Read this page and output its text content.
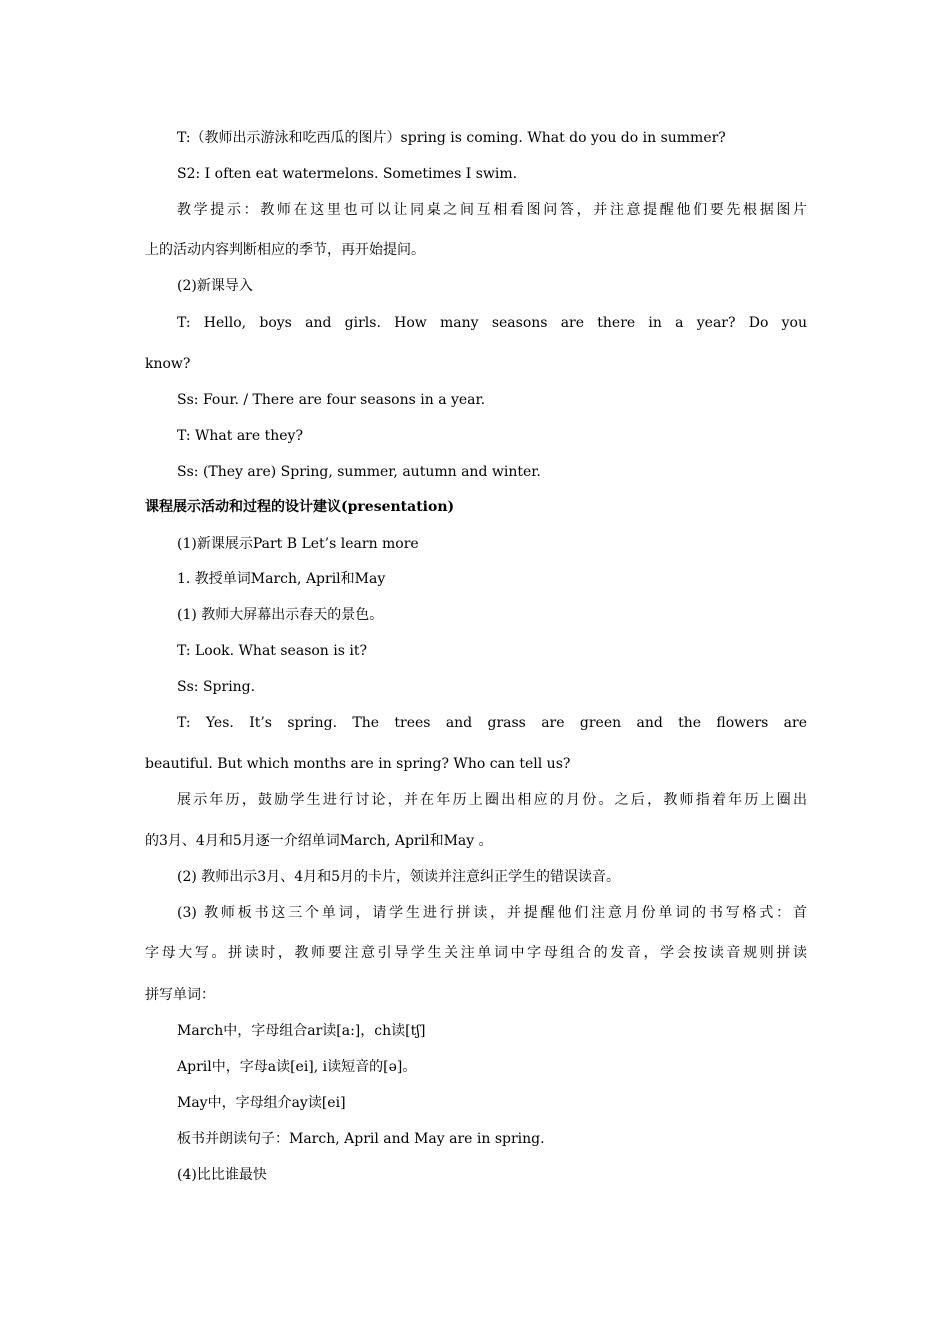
T:（教师出示游泳和吃西瓜的图片）spring is coming. What do you do in summer?
S2: I often eat watermelons. Sometimes I swim.
教学提示：教师在这里也可以让同桌之间互相看图问答，并注意提醒他们要先根据图片
上的活动内容判断相应的季节，再开始提问。
(2)新课导入
T: Hello, boys and girls. How many seasons are there in a year? Do you
know?
Ss: Four. / There are four seasons in a year.
T: What are they?
Ss: (They are) Spring, summer, autumn and winter.
课程展示活动和过程的设计建议(presentation)
(1)新课展示Part B Let’s learn more
1. 教授单词March, April和May
(1) 教师大屏幕出示春天的景色。
T: Look. What season is it?
Ss: Spring.
T: Yes. It’s spring. The trees and grass are green and the flowers are
beautiful. But which months are in spring? Who can tell us?
展示年历，鼓励学生进行讨论，并在年历上圈出相应的月份。之后，教师指着年历上圈出
的3月、4月和5月逐一介绍单词March, April和May 。
(2) 教师出示3月、4月和5月的卡片，领读并注意纠正学生的错误读音。
(3) 教师板书这三个单词，请学生进行拼读，并提醒他们注意月份单词的书写格式：首
字母大写。拼读时，教师要注意引导学生关注单词中字母组合的发音，学会按读音规则拼读
拼写单词：
March中，字母组合ar读[a:]，ch读[tʃ]
April中，字母a读[ei], i读短音的[ə]。
May中，字母组介ay读[ei]
板书并朗读句子：March, April and May are in spring.
(4)比比谁最快
